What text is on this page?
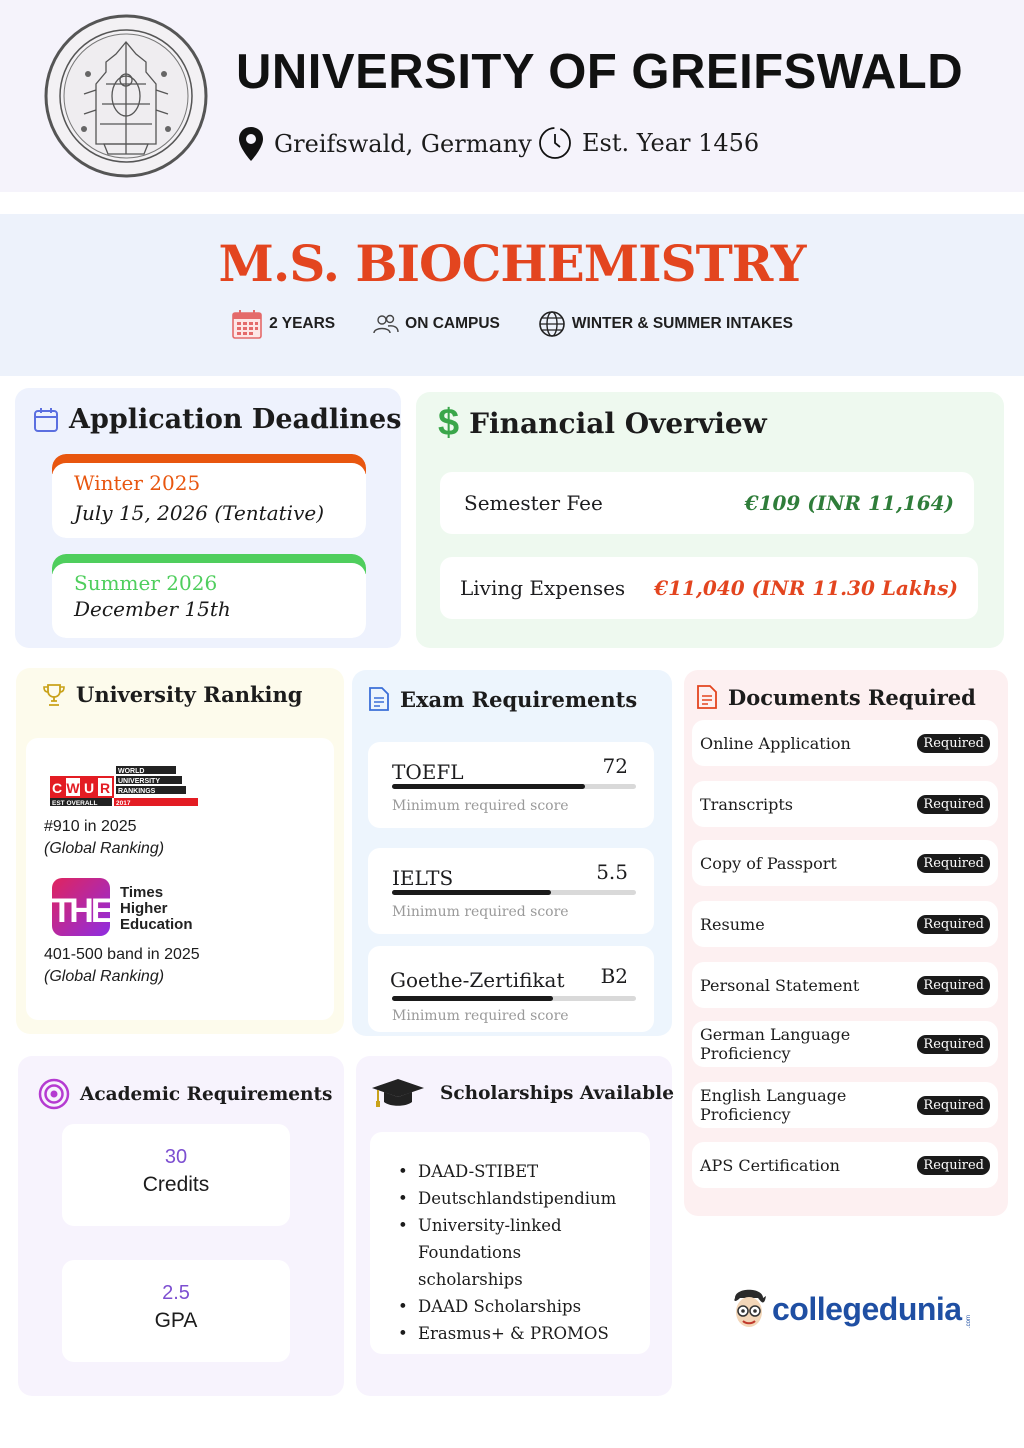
UNIVERSITY OF GREIFSWALD
Greifswald, Germany Est. Year 1456
M.S. BIOCHEMISTRY
2 YEARS	ON CAMPUS	WINTER & SUMMER INTAKES
Application Deadlines
Winter 2025
July 15, 2026 (Tentative)
Summer 2026
December 15th
$ Financial Overview
Semester Fee	€109 (INR 11,164)
Living Expenses €11,040 (INR 11.30 Lakhs)
University Ranking
C W U R
WORLD
UNIVERSITY
RANKINGS
EST OVERALL	2017
#910 in 2025
(Global Ranking)
THE Times
Higher
Education
401-500 band in 2025
(Global Ranking)
Exam Requirements
TOEFL	72
Minimum required score
IELTS	5.5
Minimum required score
Goethe-Zertifikat B2
Minimum required score
Documents Required
Online Application	Required
Transcripts	Required
Copy of Passport	Required
Resume	Required
Personal Statement	Required
German Language Proficiency	Required
English Language Proficiency	Required
APS Certification	Required
Academic Requirements
30
Credits
2.5
GPA
Scholarships Available
• DAAD-STIBET
• Deutschlandstipendium
• University-linked Foundations scholarships
• DAAD Scholarships
• Erasmus+ & PROMOS
collegedunia .com
